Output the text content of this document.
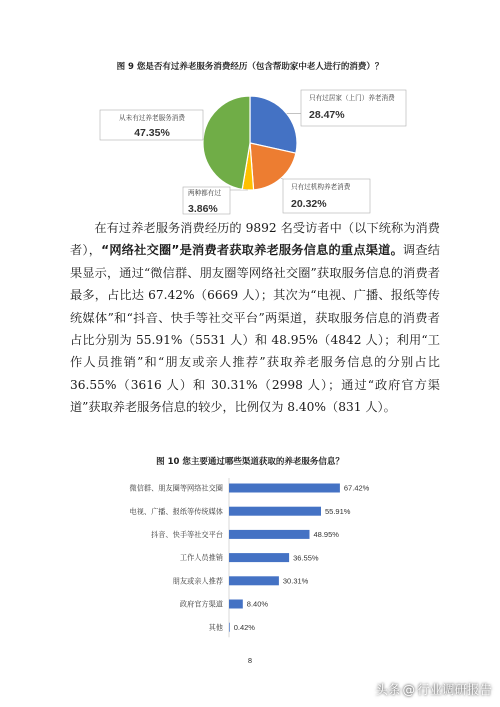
图 9 您是否有过养老服务消费经历（包含帮助家中老人进行的消费）？
只有过居家（上门）养老消费
28.47%
只有过机构养老消费
20.32%
两种都有过
3.86%
从未有过养老服务消费
47.35%

在有过养老服务消费经历的 9892 名受访者中（以下统称为消费者），“网络社交圈”是消费者获取养老服务信息的重点渠道。调查结果显示，通过“微信群、朋友圈等网络社交圈”获取服务信息的消费者最多，占比达 67.42%（6669 人）；其次为“电视、广播、报纸等传统媒体”和“抖音、快手等社交平台”两渠道，获取服务信息的消费者占比分别为 55.91%（5531 人）和 48.95%（4842 人）；利用“工作人员推销”和“朋友或亲人推荐”获取养老服务信息的分别占比 36.55%（3616 人）和 30.31%（2998 人）；通过“政府官方渠道”获取养老服务信息的较少，比例仅为 8.40%（831 人）。

图 10 您主要通过哪些渠道获取的养老服务信息？
微信群、朋友圈等网络社交圈	67.42%
电视、广播、报纸等传统媒体	55.91%
抖音、快手等社交平台	48.95%
工作人员推销	36.55%
朋友或亲人推荐	30.31%
政府官方渠道	8.40%
其他 0.42%
8
头条 @ 行业调研报告
